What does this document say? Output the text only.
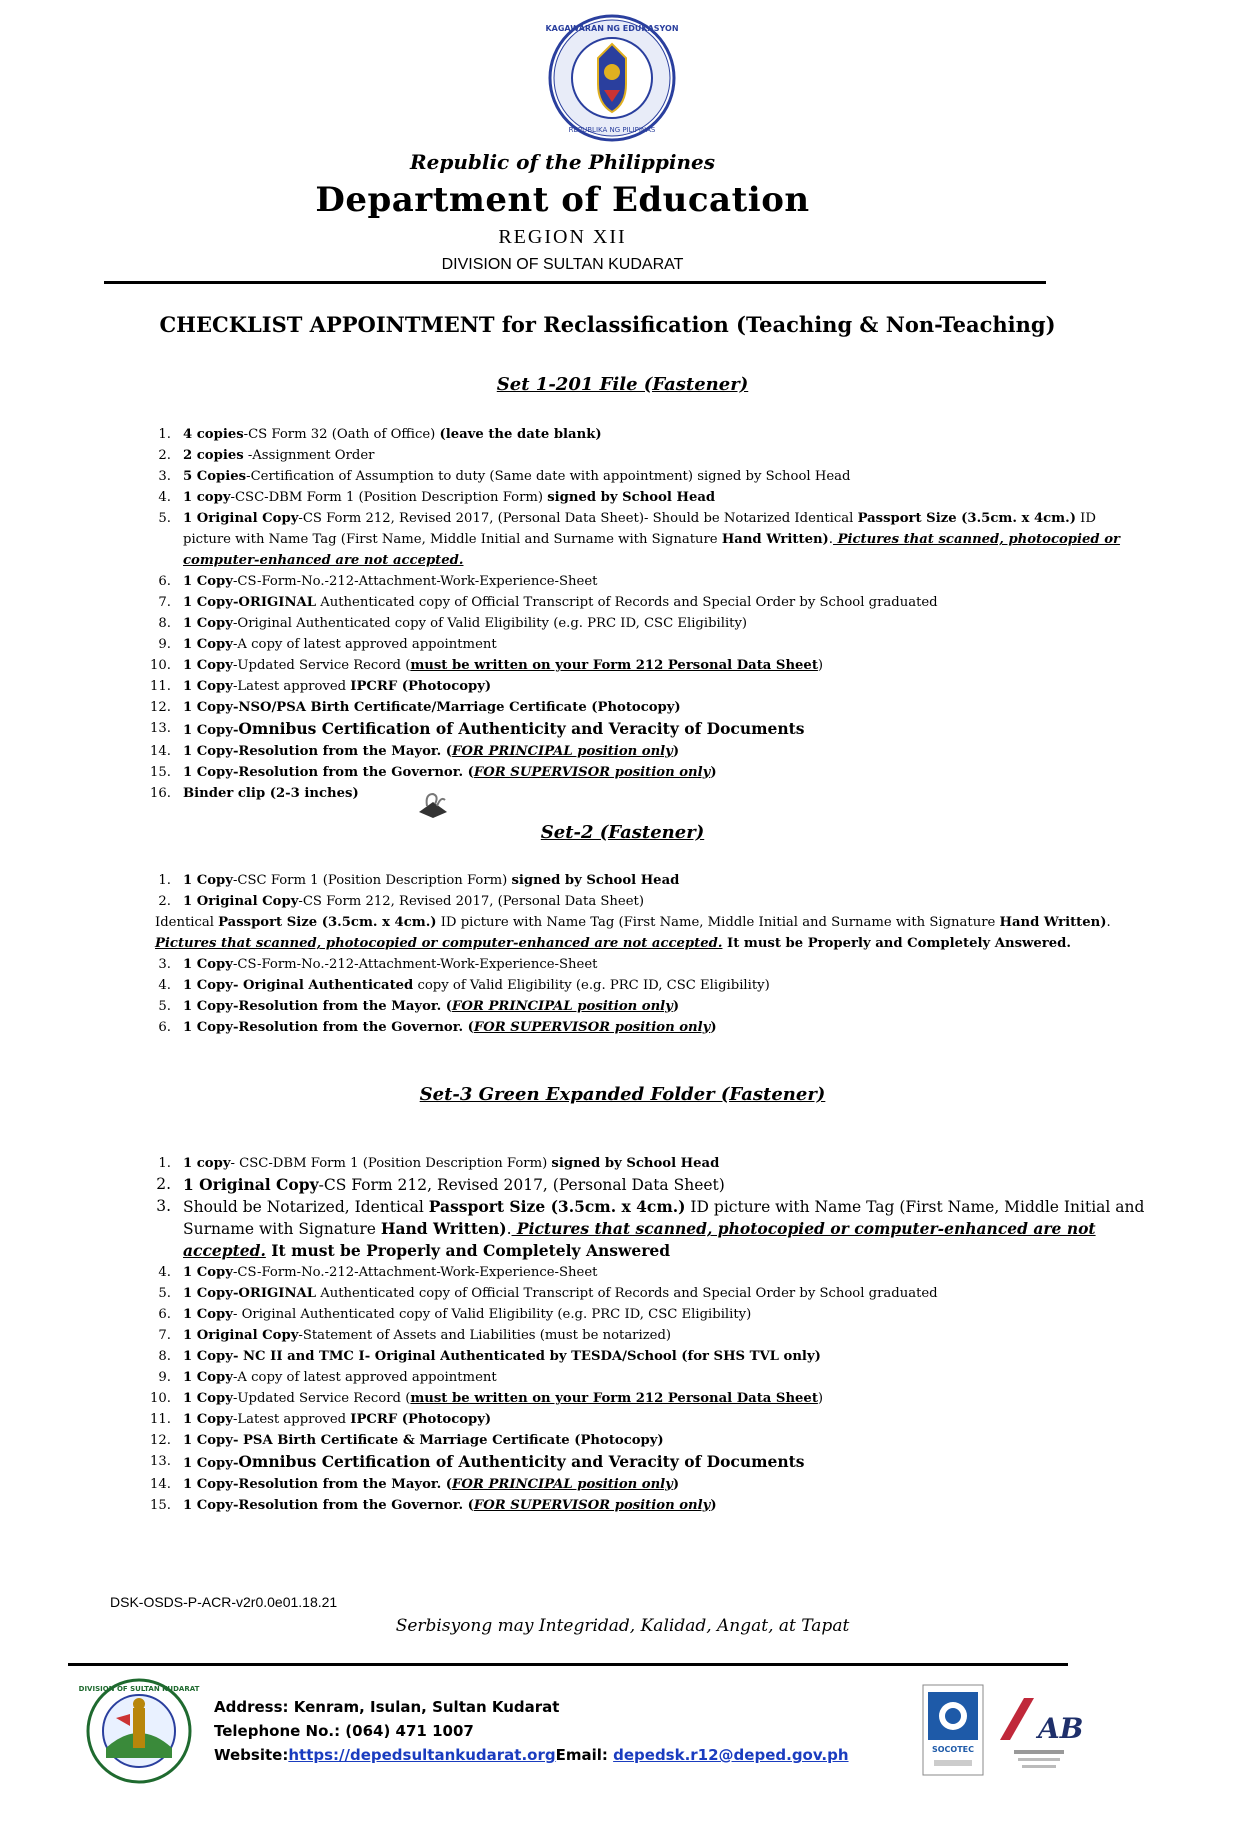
KAGAWARAN NG EDUKASYON
REPUBLIKA NG PILIPINAS
Republic of the Philippines
Department of Education
REGION XII
DIVISION OF SULTAN KUDARAT
CHECKLIST APPOINTMENT for Reclassification (Teaching & Non-Teaching)
Set 1-201 File (Fastener)
1. 4 copies-CS Form 32 (Oath of Office) (leave the date blank)
2. 2 copies -Assignment Order
3. 5 Copies-Certification of Assumption to duty (Same date with appointment) signed by School Head
4. 1 copy-CSC-DBM Form 1 (Position Description Form) signed by School Head
5. 1 Original Copy-CS Form 212, Revised 2017, (Personal Data Sheet)- Should be Notarized Identical Passport Size (3.5cm. x 4cm.) ID picture with Name Tag (First Name, Middle Initial and Surname with Signature Hand Written). Pictures that scanned, photocopied or computer-enhanced are not accepted.
6. 1 Copy-CS-Form-No.-212-Attachment-Work-Experience-Sheet
7. 1 Copy-ORIGINAL Authenticated copy of Official Transcript of Records and Special Order by School graduated
8. 1 Copy-Original Authenticated copy of Valid Eligibility (e.g. PRC ID, CSC Eligibility)
9. 1 Copy-A copy of latest approved appointment
10. 1 Copy-Updated Service Record (must be written on your Form 212 Personal Data Sheet)
11. 1 Copy-Latest approved IPCRF (Photocopy)
12. 1 Copy-NSO/PSA Birth Certificate/Marriage Certificate (Photocopy)
13. 1 Copy-Omnibus Certification of Authenticity and Veracity of Documents
14. 1 Copy-Resolution from the Mayor. (FOR PRINCIPAL position only)
15. 1 Copy-Resolution from the Governor. (FOR SUPERVISOR position only)
16. Binder clip (2-3 inches)
Set-2 (Fastener)
1. 1 Copy-CSC Form 1 (Position Description Form) signed by School Head
2. 1 Original Copy-CS Form 212, Revised 2017, (Personal Data Sheet)
Identical Passport Size (3.5cm. x 4cm.) ID picture with Name Tag (First Name, Middle Initial and Surname with Signature Hand Written). Pictures that scanned, photocopied or computer-enhanced are not accepted. It must be Properly and Completely Answered.
3. 1 Copy-CS-Form-No.-212-Attachment-Work-Experience-Sheet
4. 1 Copy- Original Authenticated copy of Valid Eligibility (e.g. PRC ID, CSC Eligibility)
5. 1 Copy-Resolution from the Mayor. (FOR PRINCIPAL position only)
6. 1 Copy-Resolution from the Governor. (FOR SUPERVISOR position only)
Set-3 Green Expanded Folder (Fastener)
1. 1 copy- CSC-DBM Form 1 (Position Description Form) signed by School Head
2. 1 Original Copy-CS Form 212, Revised 2017, (Personal Data Sheet)
3. Should be Notarized, Identical Passport Size (3.5cm. x 4cm.) ID picture with Name Tag (First Name, Middle Initial and Surname with Signature Hand Written). Pictures that scanned, photocopied or computer-enhanced are not accepted. It must be Properly and Completely Answered
4. 1 Copy-CS-Form-No.-212-Attachment-Work-Experience-Sheet
5. 1 Copy-ORIGINAL Authenticated copy of Official Transcript of Records and Special Order by School graduated
6. 1 Copy- Original Authenticated copy of Valid Eligibility (e.g. PRC ID, CSC Eligibility)
7. 1 Original Copy-Statement of Assets and Liabilities (must be notarized)
8. 1 Copy- NC II and TMC I- Original Authenticated by TESDA/School (for SHS TVL only)
9. 1 Copy-A copy of latest approved appointment
10. 1 Copy-Updated Service Record (must be written on your Form 212 Personal Data Sheet)
11. 1 Copy-Latest approved IPCRF (Photocopy)
12. 1 Copy- PSA Birth Certificate & Marriage Certificate (Photocopy)
13. 1 Copy-Omnibus Certification of Authenticity and Veracity of Documents
14. 1 Copy-Resolution from the Mayor. (FOR PRINCIPAL position only)
15. 1 Copy-Resolution from the Governor. (FOR SUPERVISOR position only)
DSK-OSDS-P-ACR-v2r0.0e01.18.21
Serbisyong may Integridad, Kalidad, Angat, at Tapat
DIVISION OF SULTAN KUDARAT
Address: Kenram, Isulan, Sultan Kudarat
Telephone No.: (064) 471 1007
Website:https://depedsultankudarat.orgEmail: depedsk.r12@deped.gov.ph	SOCOTEC
AB
